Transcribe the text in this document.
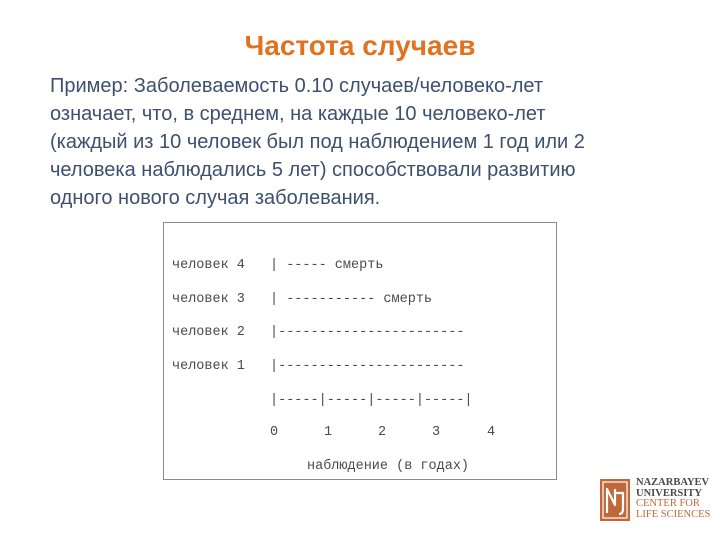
Частота случаев

Пример: Заболеваемость 0.10 случаев/человеко-лет
означает, что, в среднем, на каждые 10 человеко-лет
(каждый из 10 человек был под наблюдением 1 год или 2
человека наблюдались 5 лет) способствовали развитию
одного нового случая заболевания.

человек 4 | ----- смерть
человек 3 | ----------- смерть
человек 2 |-----------------------
человек 1 |-----------------------
|-----|-----|-----|-----|
0	1	2	3	4
наблюдение (в годах)
NAZARBAYEV
UNIVERSITY
CENTER FOR
LIFE SCIENCES
